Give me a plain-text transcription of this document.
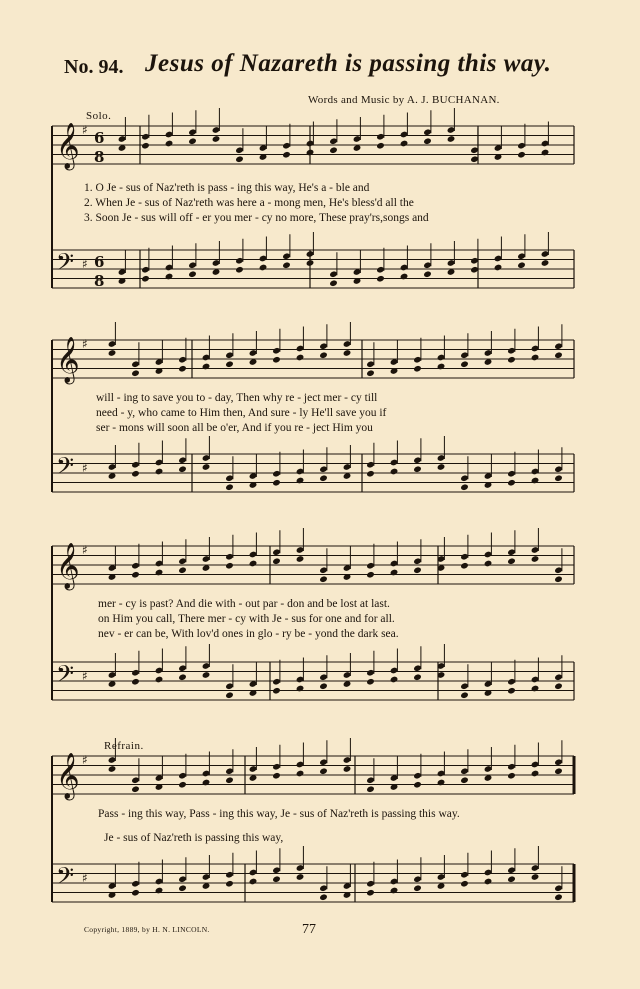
No. 94. Jesus of Nazareth is passing this way.
Words and Music by A. J. BUCHANAN.
Solo.
Refrain.
1. O Je - sus of Naz'reth is pass - ing this way, He's a - ble and
2. When Je - sus of Naz'reth was here a - mong men, He's bless'd all the
3. Soon Je - sus will off - er you mer - cy no more, These pray'rs,songs and
will - ing to save you to - day, Then why re - ject mer - cy till
need - y, who came to Him then, And sure - ly He'll save you if
ser - mons will soon all be o'er, And if you re - ject Him you
mer - cy is past? And die with - out par - don and be lost at last.
on Him you call, There mer - cy with Je - sus for one and for all.
nev - er can be, With lov'd ones in glo - ry be - yond the dark sea.
Pass - ing this way, Pass - ing this way, Je - sus of Naz'reth is passing this way.
Je - sus of Naz'reth is passing this way,
𝄞 ♯ 6
8
𝄢 ♯ 6
8
𝄞 ♯
𝄢 ♯
𝄞 ♯
𝄢 ♯
𝄞 ♯
𝄢 ♯
Copyright, 1889, by H. N. LINCOLN.	77
